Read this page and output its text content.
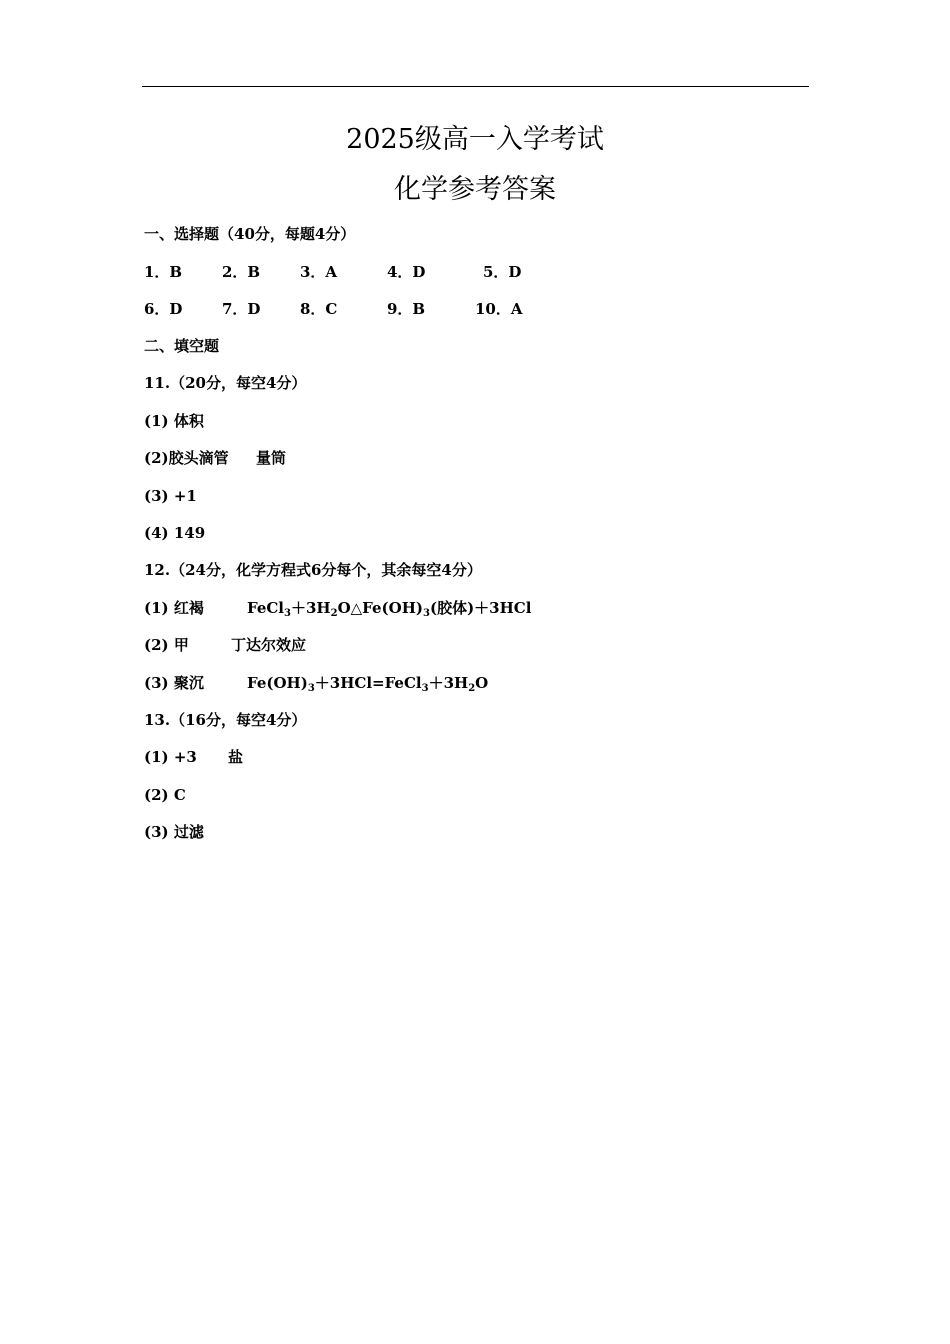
2025级高一入学考试
化学参考答案
一、选择题（40分，每题4分）
1．B	2．B	3．A	4．D	5．D
6．D	7．D	8．C	9．B	10．A
二、填空题
11.（20分，每空4分）
(1) 体积
(2)胶头滴管 量筒
(3) +1
(4) 149
12.（24分，化学方程式6分每个，其余每空4分）
(1) 红褐	$FeCl_3+3H_2O\triangle Fe(OH)_3$(胶体)＋3HCl
(2) 甲	丁达尔效应
(3) 聚沉	$Fe(OH)_3+3HCl=FeCl_3+3H_2O$
13.（16分，每空4分）
(1) +3 盐
(2) C
(3) 过滤
